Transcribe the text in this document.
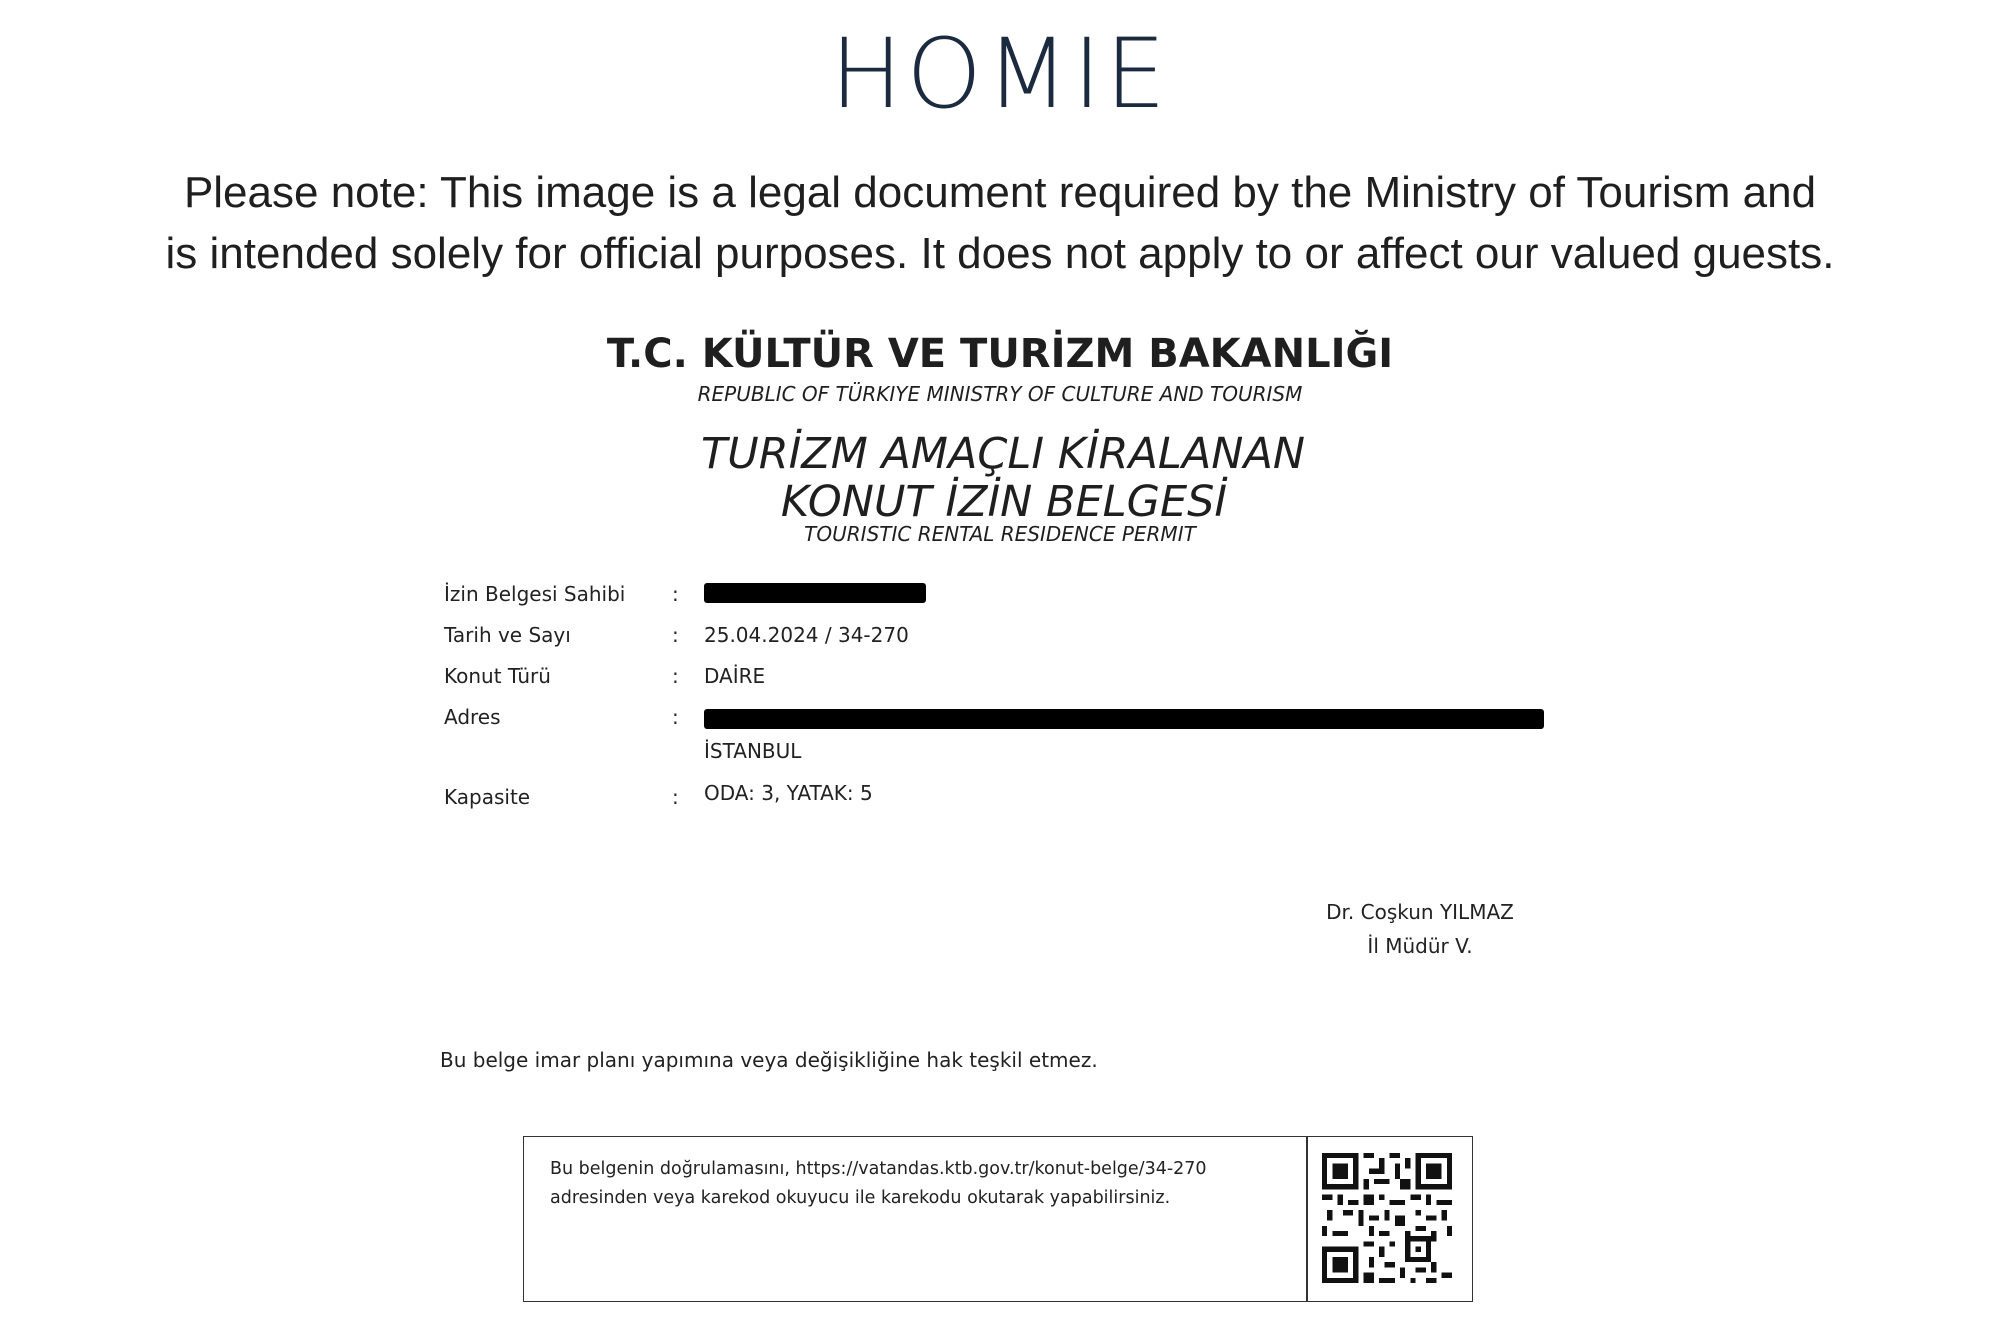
HOMIE
Please note: This image is a legal document required by the Ministry of Tourism and
is intended solely for official purposes. It does not apply to or affect our valued guests.
T.C. KÜLTÜR VE TURİZM BAKANLIĞI
REPUBLIC OF TÜRKIYE MINISTRY OF CULTURE AND TOURISM
TURİZM AMAÇLI KİRALANAN
KONUT İZİN BELGESİ
TOURISTIC RENTAL RESIDENCE PERMIT
İzin Belgesi Sahibi :
Tarih ve Sayı	: 25.04.2024 / 34-270
Konut Türü	: DAİRE
Adres	:
İSTANBUL
Kapasite	: ODA: 3, YATAK: 5
Dr. Coşkun YILMAZ
İl Müdür V.
Bu belge imar planı yapımına veya değişikliğine hak teşkil etmez.
Bu belgenin doğrulamasını, https://vatandas.ktb.gov.tr/konut-belge/34-270
adresinden veya karekod okuyucu ile karekodu okutarak yapabilirsiniz.
